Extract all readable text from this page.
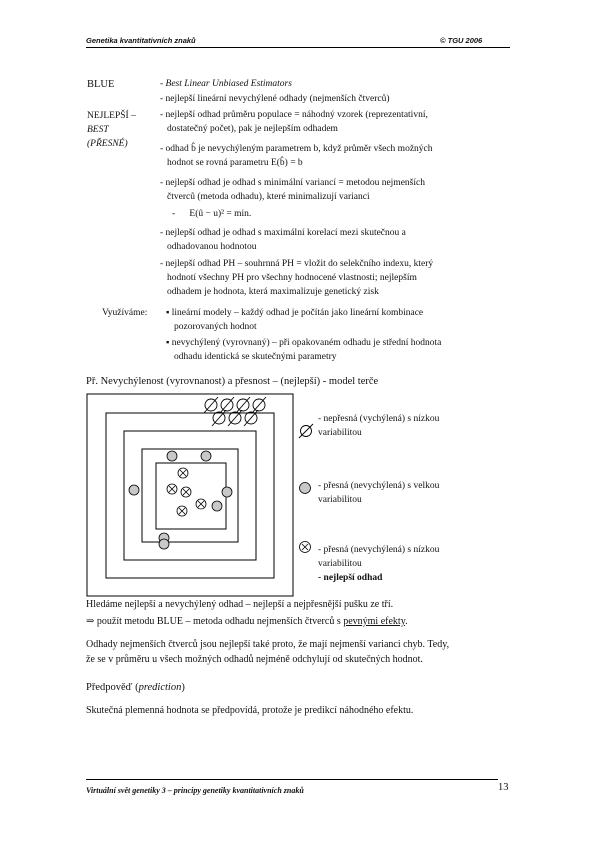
Genetika kvantitativních znaků	© TGU 2006
BLUE	- Best Linear Unbiased Estimators
- nejlepší lineární nevychýlené odhady (nejmenších čtverců)
NEJLEPŠÍ –
BEST
(PŘESNÉ)
- nejlepší odhad průměru populace = náhodný vzorek (reprezentativní,
dostatečný počet), pak je nejlepším odhadem
- odhad b̂ je nevychýleným parametrem b, když průměr všech možných
hodnot se rovná parametru E(b̂) = b
- nejlepší odhad je odhad s minimální variancí = metodou nejmenších
čtverců (metoda odhadu), které minimalizují varianci
-      E(û − u)² = min.
- nejlepší odhad je odhad s maximální korelací mezi skutečnou a
odhadovanou hodnotou
- nejlepší odhad PH – souhrnná PH = vložit do selekčního indexu, který
hodnotí všechny PH pro všechny hodnocené vlastnosti; nejlepším
odhadem je hodnota, která maximalizuje genetický zisk
Využíváme: ▪ lineární modely – každý odhad je počítán jako lineární kombinace
pozorovaných hodnot
▪ nevychýlený (vyrovnaný) – při opakovaném odhadu je střední hodnota
odhadu identická se skutečnými parametry
Př. Nevychýlenost (vyrovnanost) a přesnost – (nejlepší) - model terče
- nepřesná (vychýlená) s nízkou
variabilitou
- přesná (nevychýlená) s velkou
variabilitou
- přesná (nevychýlená) s nízkou
variabilitou
- nejlepší odhad
Hledáme nejlepší a nevychýlený odhad – nejlepší a nejpřesnější pušku ze tří.
⇒ použít metodu BLUE – metoda odhadu nejmenších čtverců s pevnými efekty.
Odhady nejmenších čtverců jsou nejlepší také proto, že mají nejmenší varianci chyb. Tedy,
že se v průměru u všech možných odhadů nejméně odchylují od skutečných hodnot.
Předpověď (prediction)
Skutečná plemenná hodnota se předpovídá, protože je predikcí náhodného efektu.
Virtuální svět genetiky 3 – principy genetiky kvantitativních znaků	13
